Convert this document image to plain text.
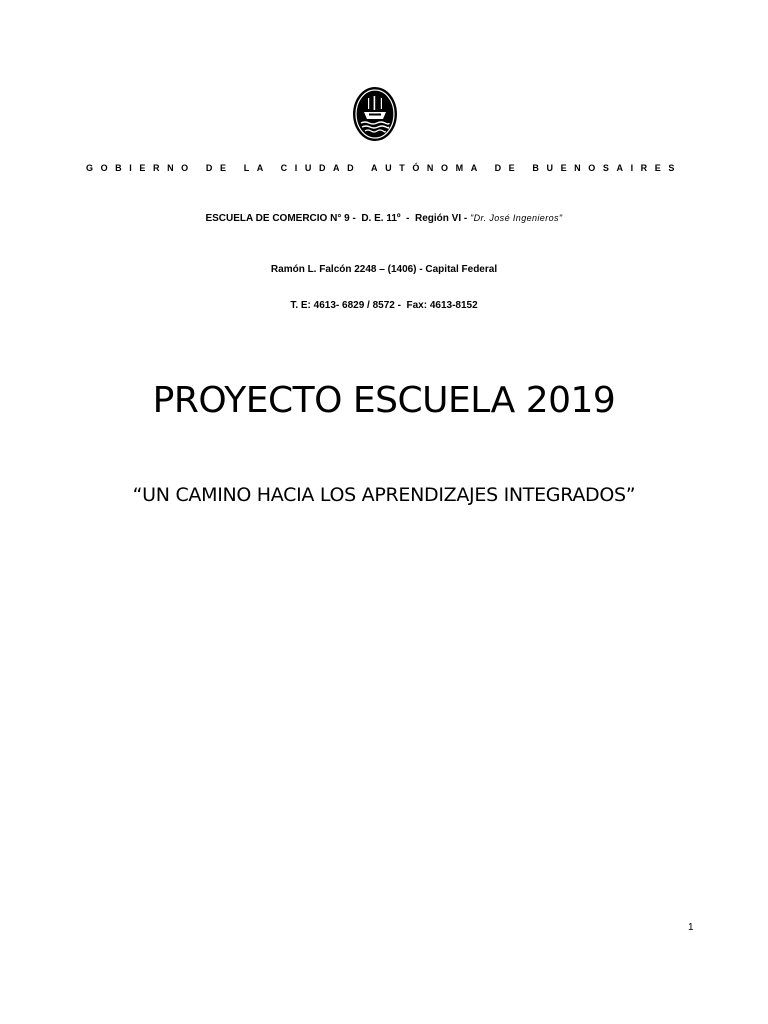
GOBIERNO DE LA CIUDAD AUTÓNOMA DE BUENOSAIRES
ESCUELA DE COMERCIO N° 9 -  D. E. 11º  -  Región VI - "Dr. José Ingenieros"

Ramón L. Falcón 2248 – (1406) - Capital Federal

T. E: 4613- 6829 / 8572 -  Fax: 4613-8152

PROYECTO ESCUELA 2019
“UN CAMINO HACIA LOS APRENDIZAJES INTEGRADOS”
1
